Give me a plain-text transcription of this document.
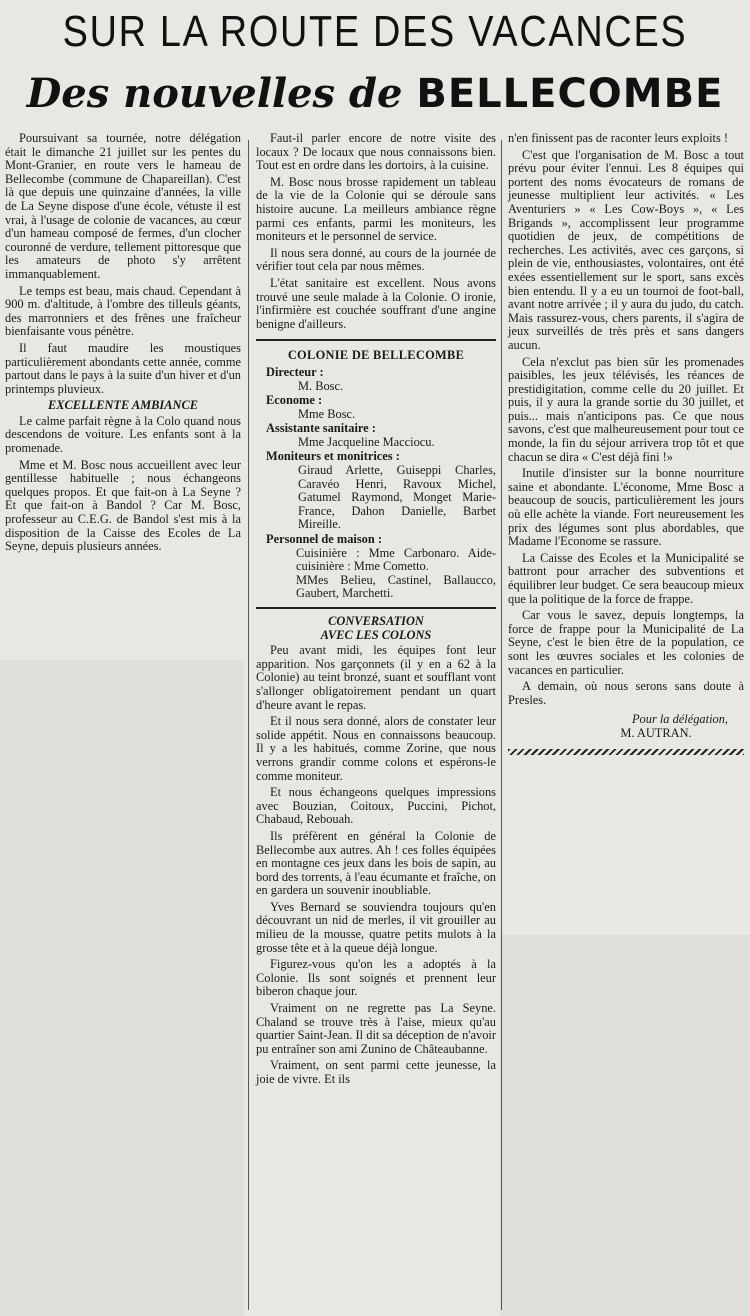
SUR LA ROUTE DES VACANCES
Des nouvelles de BELLECOMBE

Poursuivant sa tournée, notre délégation était le dimanche 21 juillet sur les pentes du Mont-Granier, en route vers le hameau de Bellecombe (commune de Chapareillan). C'est là que depuis une quinzaine d'années, la ville de La Seyne dispose d'une école, vétuste il est vrai, à l'usage de colonie de vacances, au cœur d'un hameau composé de fermes, d'un clocher couronné de verdure, tellement pittoresque que les amateurs de photo s'y arrêtent immanquablement.

Le temps est beau, mais chaud. Cependant à 900 m. d'altitude, à l'ombre des tilleuls géants, des marronniers et des frênes une fraîcheur bienfaisante vous pénètre.

Il faut maudire les moustiques particulièrement abondants cette année, comme partout dans le pays à la suite d'un hiver et d'un printemps pluvieux.

EXCELLENTE AMBIANCE

Le calme parfait règne à la Colo quand nous descendons de voiture. Les enfants sont à la promenade.

Mme et M. Bosc nous accueillent avec leur gentillesse habituelle ; nous échangeons quelques propos. Et que fait-on à La Seyne ? Et que fait-on à Bandol ? Car M. Bosc, professeur au C.E.G. de Bandol s'est mis à la disposition de la Caisse des Ecoles de La Seyne, depuis plusieurs années.

Faut-il parler encore de notre visite des locaux ? De locaux que nous connaissons bien. Tout est en ordre dans les dortoirs, à la cuisine.

M. Bosc nous brosse rapidement un tableau de la vie de la Colonie qui se déroule sans histoire aucune. La meilleurs ambiance règne parmi ces enfants, parmi les moniteurs, les moniteurs et le personnel de service.

Il nous sera donné, au cours de la journée de vérifier tout cela par nous mêmes.

L'état sanitaire est excellent. Nous avons trouvé une seule malade à la Colonie. O ironie, l'infirmière est couchée souffrant d'une angine benigne d'ailleurs.

COLONIE DE BELLECOMBE
Directeur :
M. Bosc.
Econome :
Mme Bosc.
Assistante sanitaire :
Mme Jacqueline Macciocu.
Moniteurs et monitrices :
Giraud Arlette, Guiseppi Charles, Caravéo Henri, Ravoux Michel, Gatumel Raymond, Monget Marie-France, Dahon Danielle, Barbet Mireille.
Personnel de maison :
Cuisinière : Mme Carbonaro. Aide-cuisinière : Mme Cometto.
MMes Belieu, Castinel, Ballaucco, Gaubert, Marchetti.
CONVERSATION
AVEC LES COLONS

Peu avant midi, les équipes font leur apparition. Nos garçonnets (il y en a 62 à la Colonie) au teint bronzé, suant et soufflant vont s'allonger obligatoirement pendant un quart d'heure avant le repas.

Et il nous sera donné, alors de constater leur solide appétit. Nous en connaissons beaucoup. Il y a les habitués, comme Zorine, que nous verrons grandir comme colons et espérons-le comme moniteur.

Et nous échangeons quelques impressions avec Bouzian, Coitoux, Puccini, Pichot, Chabaud, Rebouah.

Ils préfèrent en général la Colonie de Bellecombe aux autres. Ah ! ces folles équipées en montagne ces jeux dans les bois de sapin, au bord des torrents, à l'eau écumante et fraîche, on en gardera un souvenir inoubliable.

Yves Bernard se souviendra toujours qu'en découvrant un nid de merles, il vit grouiller au milieu de la mousse, quatre petits mulots à la grosse tête et à la queue déjà longue.

Figurez-vous qu'on les a adoptés à la Colonie. Ils sont soignés et prennent leur biberon chaque jour.

Vraiment on ne regrette pas La Seyne. Chaland se trouve très à l'aise, mieux qu'au quartier Saint-Jean. Il dit sa déception de n'avoir pu entraîner son ami Zunino de Châteaubanne.

Vraiment, on sent parmi cette jeunesse, la joie de vivre. Et ils

n'en finissent pas de raconter leurs exploits !

C'est que l'organisation de M. Bosc a tout prévu pour éviter l'ennui. Les 8 équipes qui portent des noms évocateurs de romans de jeunesse multiplient leur activités. « Les Aventuriers » « Les Cow-Boys », « Les Brigands », accomplissent leur programme quotidien de jeux, de compétitions de recherches. Les activités, avec ces garçons, si plein de vie, enthousiastes, volontaires, ont été exées essentiellement sur le sport, sans excès bien entendu. Il y a eu un tournoi de foot-ball, avant notre arrivée ; il y aura du judo, du catch. Mais rassurez-vous, chers parents, il s'agira de jeux surveillés de très près et sans dangers aucun.

Cela n'exclut pas bien sûr les promenades paisibles, les jeux télévisés, les réances de prestidigitation, comme celle du 20 juillet. Et puis, il y aura la grande sortie du 30 juillet, et puis... mais n'anticipons pas. Ce que nous savons, c'est que malheureusement pour tout ce monde, la fin du séjour arrivera trop tôt et que chacun se dira « C'est déjà fini !»

Inutile d'insister sur la bonne nourriture saine et abondante. L'économe, Mme Bosc a beaucoup de soucis, particulièrement les jours où elle achète la viande. Fort neureusement les prix des légumes sont plus abordables, que Madame l'Econome se rassure.

La Caisse des Ecoles et la Municipalité se battront pour arracher des subventions et équilibrer leur budget. Ce sera beaucoup mieux que la politique de la force de frappe.

Car vous le savez, depuis longtemps, la force de frappe pour la Municipalité de La Seyne, c'est le bien être de la population, ce sont les œuvres sociales et les colonies de vacances en particulier.

A demain, où nous serons sans doute à Presles.

Pour la délégation,
M. AUTRAN.
